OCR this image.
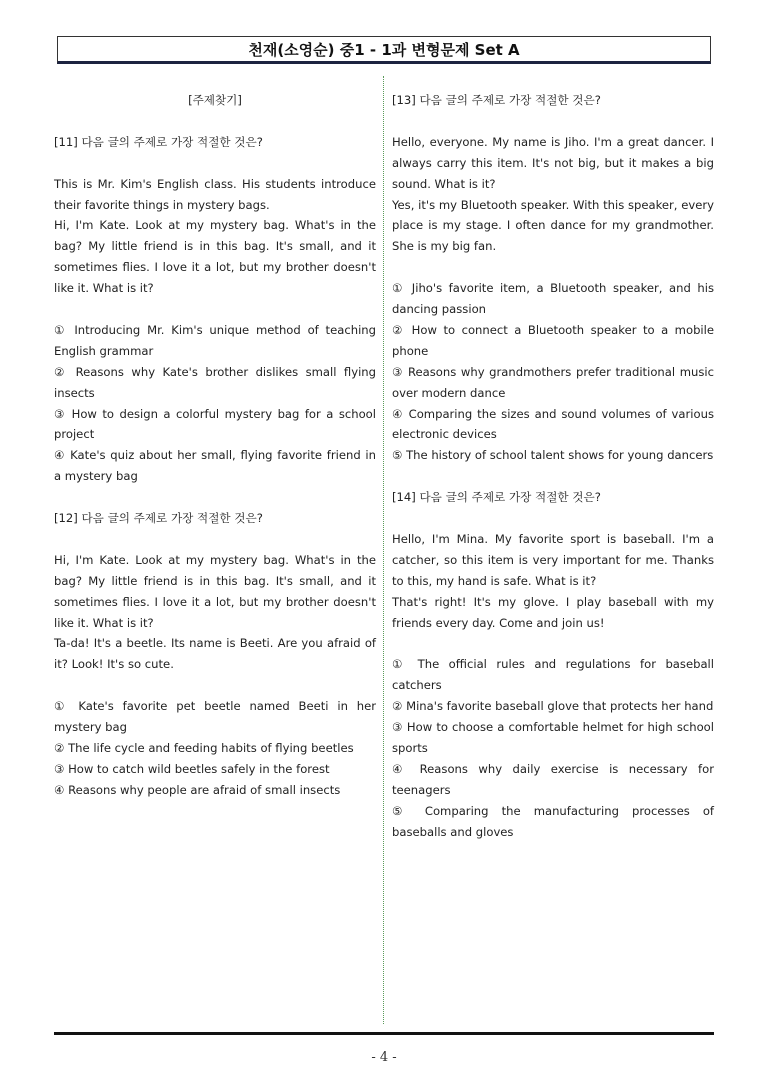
천재(소영순) 중1 - 1과 변형문제 Set A

[주제찾기]

[11] 다음 글의 주제로 가장 적절한 것은?

This is Mr. Kim's English class. His students introduce their favorite things in mystery bags.

Hi, I'm Kate. Look at my mystery bag. What's in the bag? My little friend is in this bag. It's small, and it sometimes flies. I love it a lot, but my brother doesn't like it. What is it?

① Introducing Mr. Kim's unique method of teaching English grammar

② Reasons why Kate's brother dislikes small flying insects

③ How to design a colorful mystery bag for a school project

④ Kate's quiz about her small, flying favorite friend in a mystery bag

[12] 다음 글의 주제로 가장 적절한 것은?

Hi, I'm Kate. Look at my mystery bag. What's in the bag? My little friend is in this bag. It's small, and it sometimes flies. I love it a lot, but my brother doesn't like it. What is it?

Ta-da! It's a beetle. Its name is Beeti. Are you afraid of it? Look! It's so cute.

① Kate's favorite pet beetle named Beeti in her mystery bag

② The life cycle and feeding habits of flying beetles

③ How to catch wild beetles safely in the forest

④ Reasons why people are afraid of small insects

[13] 다음 글의 주제로 가장 적절한 것은?

Hello, everyone. My name is Jiho. I'm a great dancer. I always carry this item. It's not big, but it makes a big sound. What is it?

Yes, it's my Bluetooth speaker. With this speaker, every place is my stage. I often dance for my grandmother. She is my big fan.

① Jiho's favorite item, a Bluetooth speaker, and his dancing passion

② How to connect a Bluetooth speaker to a mobile phone

③ Reasons why grandmothers prefer traditional music over modern dance

④ Comparing the sizes and sound volumes of various electronic devices

⑤ The history of school talent shows for young dancers

[14] 다음 글의 주제로 가장 적절한 것은?

Hello, I'm Mina. My favorite sport is baseball. I'm a catcher, so this item is very important for me. Thanks to this, my hand is safe. What is it?

That's right! It's my glove. I play baseball with my friends every day. Come and join us!

① The official rules and regulations for baseball catchers

② Mina's favorite baseball glove that protects her hand

③ How to choose a comfortable helmet for high school sports

④ Reasons why daily exercise is necessary for teenagers

⑤ Comparing the manufacturing processes of baseballs and gloves

- 4 -
